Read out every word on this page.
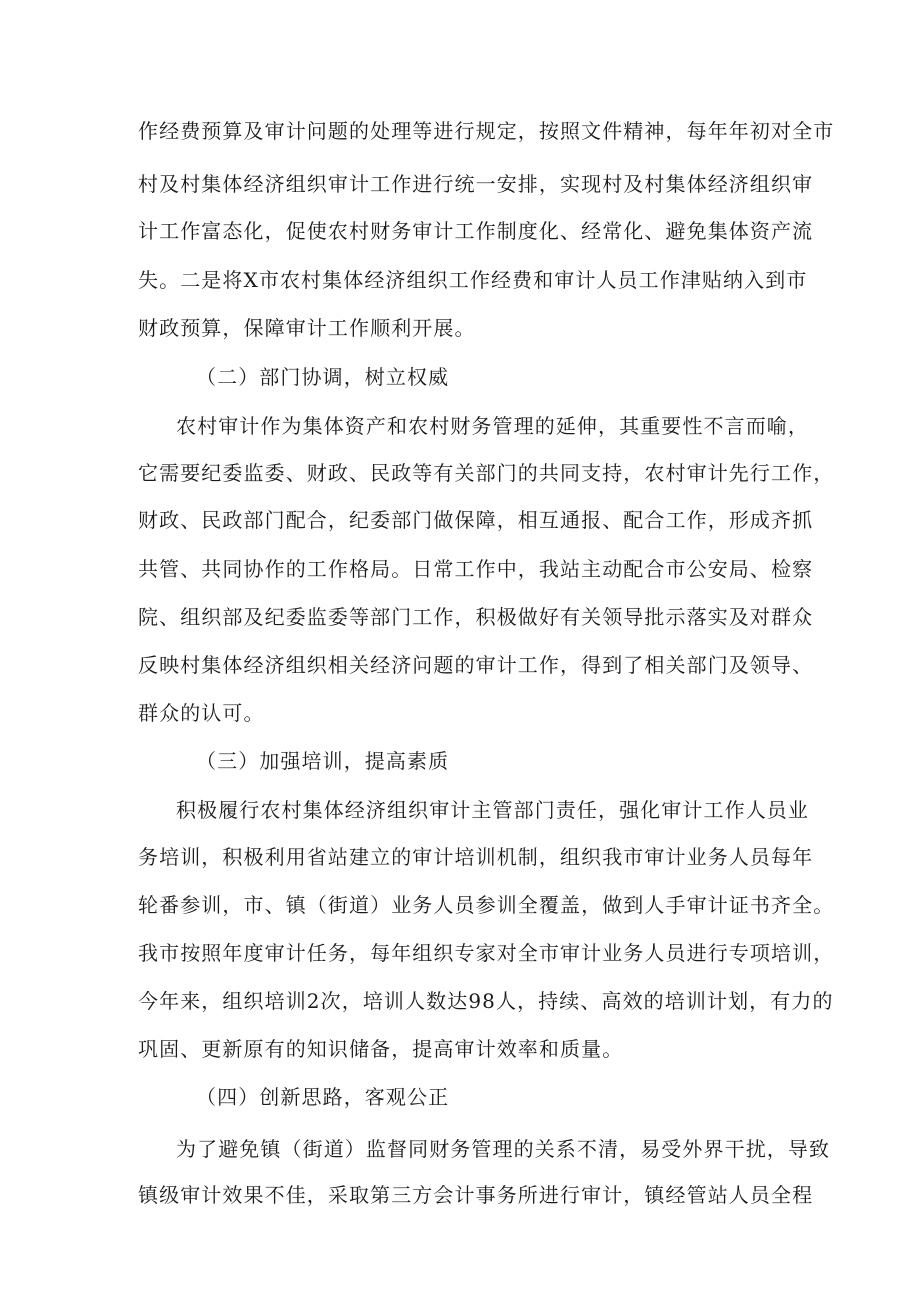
作经费预算及审计问题的处理等进行规定，按照文件精神，每年年初对全市
村及村集体经济组织审计工作进行统一安排，实现村及村集体经济组织审
计工作富态化，促使农村财务审计工作制度化、经常化、避免集体资产流
失。二是将X市农村集体经济组织工作经费和审计人员工作津贴纳入到市
财政预算，保障审计工作顺利开展。
（二）部门协调，树立权威
农村审计作为集体资产和农村财务管理的延伸，其重要性不言而喻，
它需要纪委监委、财政、民政等有关部门的共同支持，农村审计先行工作，
财政、民政部门配合，纪委部门做保障，相互通报、配合工作，形成齐抓
共管、共同协作的工作格局。日常工作中，我站主动配合市公安局、检察
院、组织部及纪委监委等部门工作，积极做好有关领导批示落实及对群众
反映村集体经济组织相关经济问题的审计工作，得到了相关部门及领导、
群众的认可。
（三）加强培训，提高素质
积极履行农村集体经济组织审计主管部门责任，强化审计工作人员业
务培训，积极利用省站建立的审计培训机制，组织我市审计业务人员每年
轮番参训，市、镇（街道）业务人员参训全覆盖，做到人手审计证书齐全。
我市按照年度审计任务，每年组织专家对全市审计业务人员进行专项培训，
今年来，组织培训2次，培训人数达98人，持续、高效的培训计划，有力的
巩固、更新原有的知识储备，提高审计效率和质量。
（四）创新思路，客观公正
为了避免镇（街道）监督同财务管理的关系不清，易受外界干扰，导致
镇级审计效果不佳，采取第三方会计事务所进行审计，镇经管站人员全程
